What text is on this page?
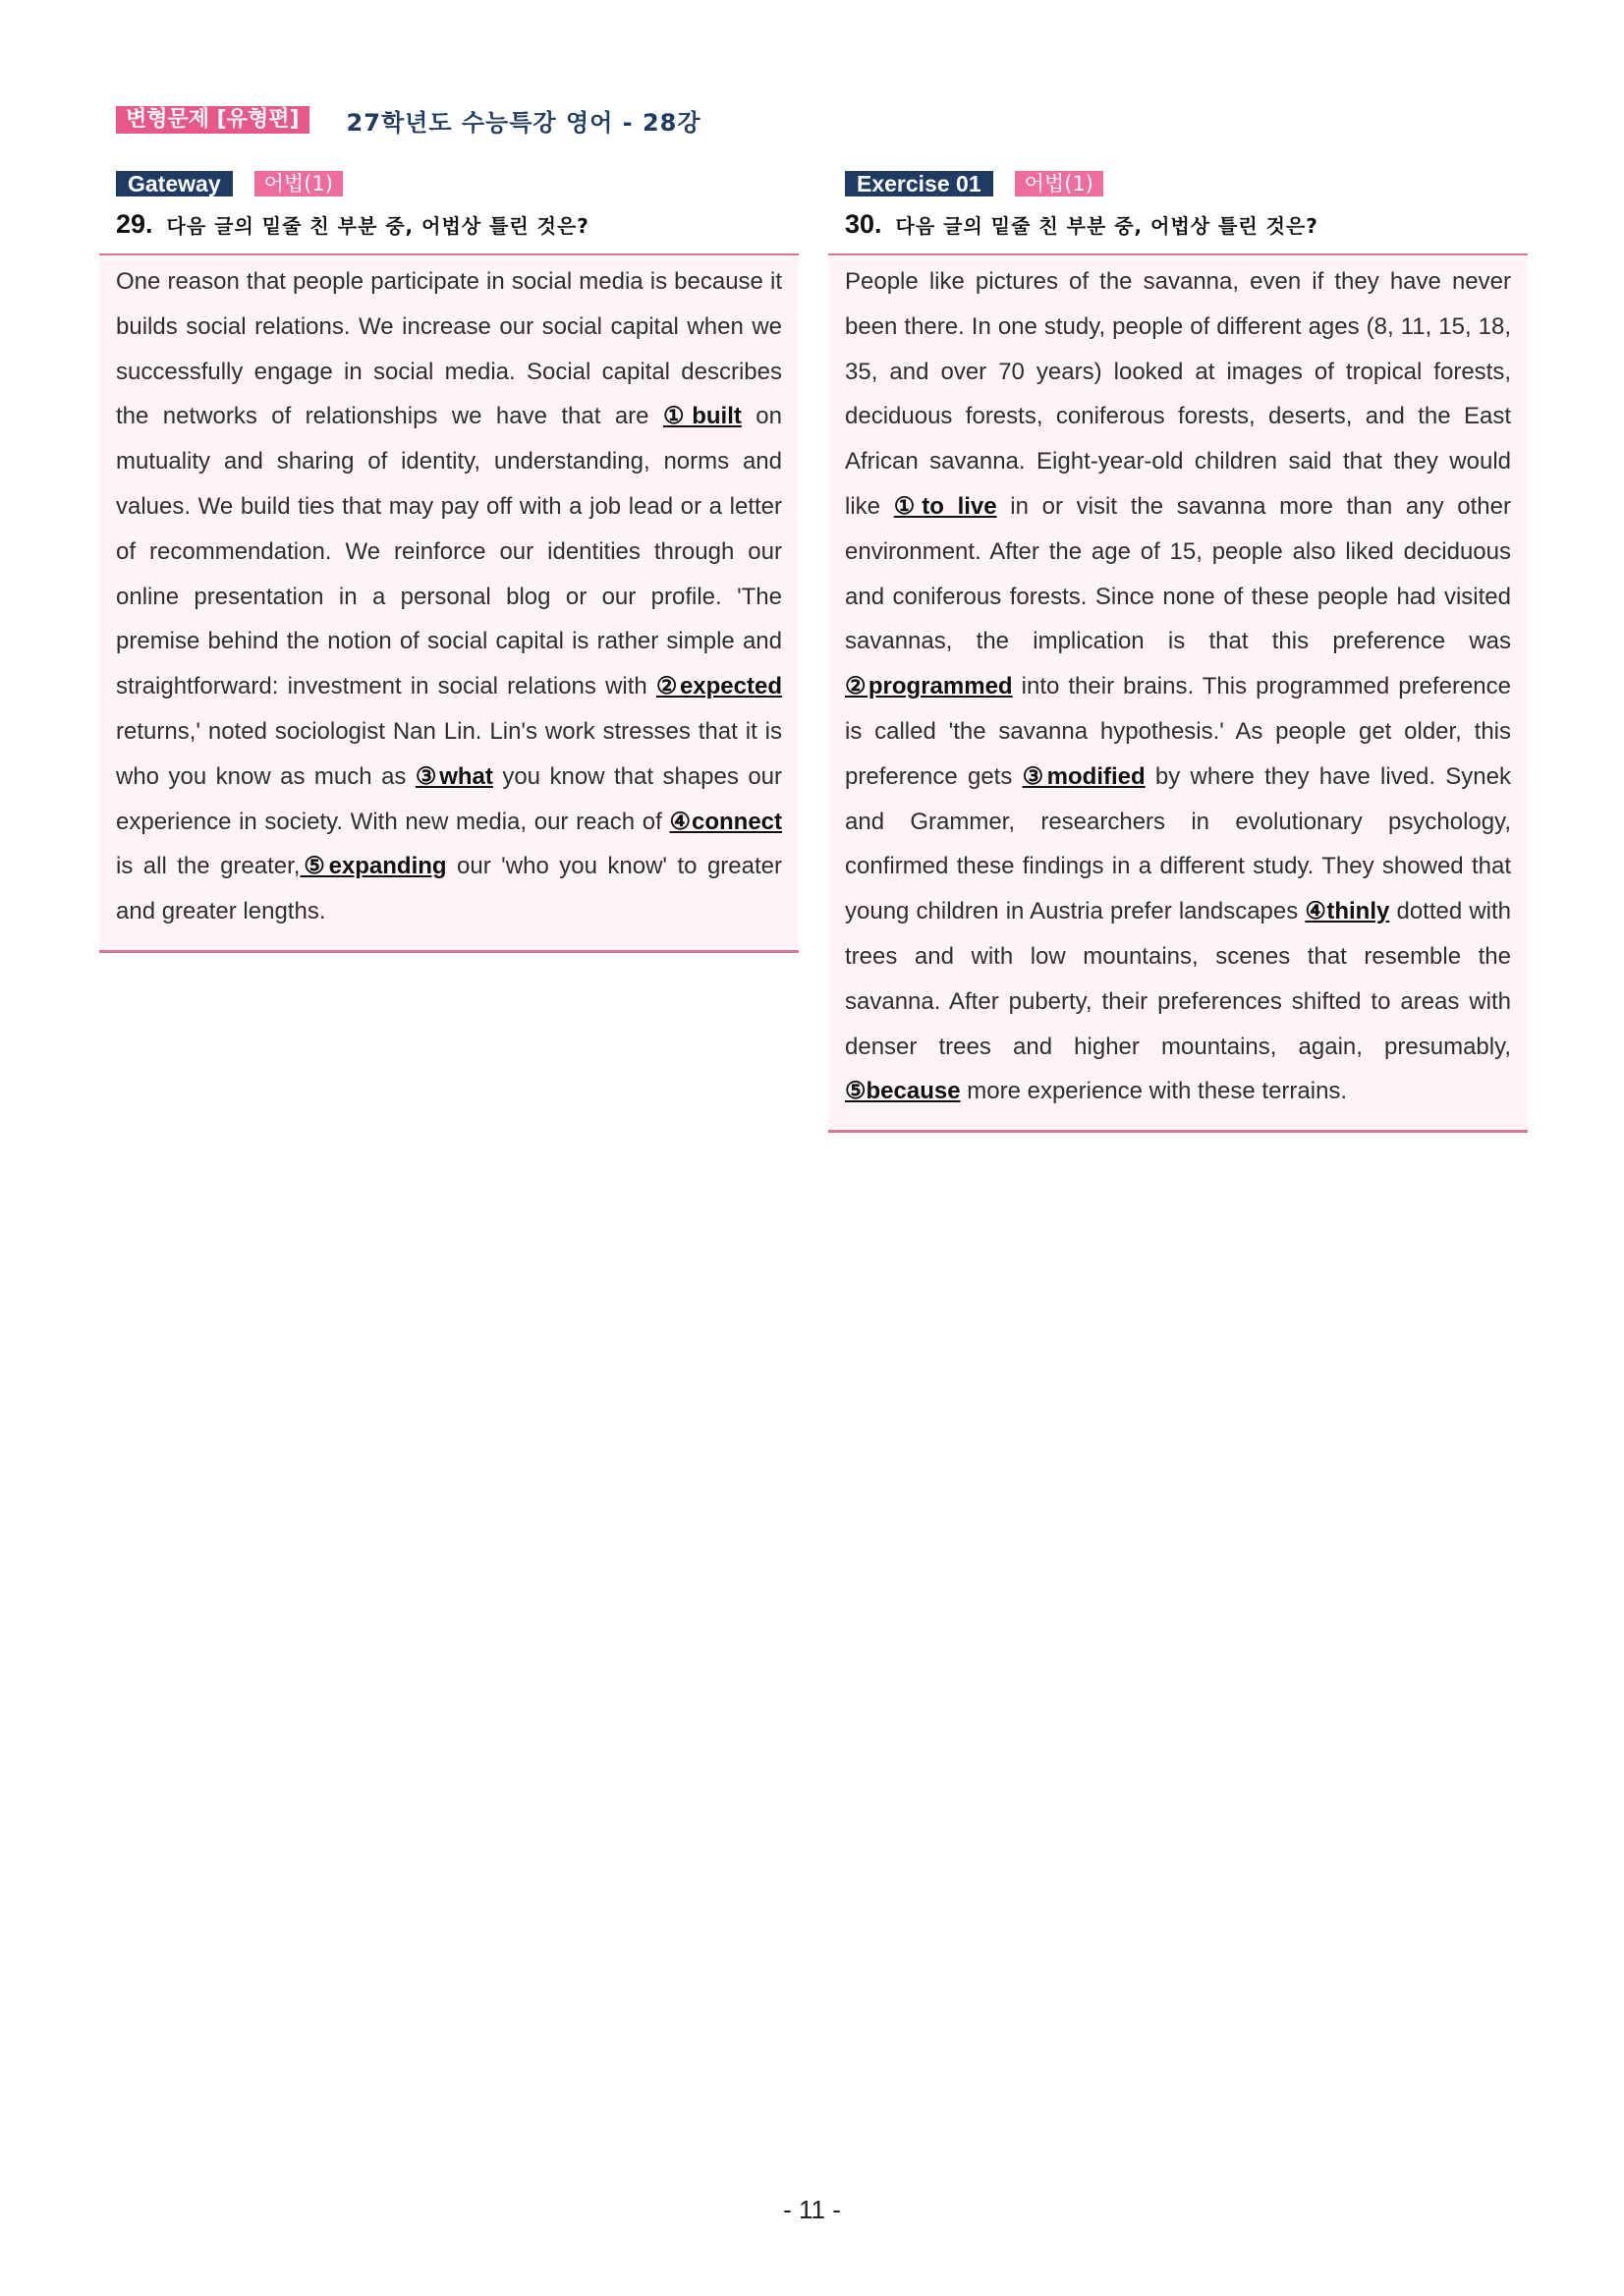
변형문제 [유형편]	27학년도 수능특강 영어 - 28강
Gateway	어법(1)
29. 다음 글의 밑줄 친 부분 중, 어법상 틀린 것은?

One reason that people participate in social media is because it builds social relations. We increase our social capital when we successfully engage in social media. Social capital describes the networks of relationships we have that are ①built on mutuality and sharing of identity, understanding, norms and values. We build ties that may pay off with a job lead or a letter of recommendation. We reinforce our identities through our online presentation in a personal blog or our profile. 'The premise behind the notion of social capital is rather simple and straightforward: investment in social relations with ②expected returns,' noted sociologist Nan Lin. Lin's work stresses that it is who you know as much as ③what you know that shapes our experience in society. With new media, our reach of ④connect is all the greater,⑤expanding our 'who you know' to greater and greater lengths.

Exercise 01	어법(1)
30. 다음 글의 밑줄 친 부분 중, 어법상 틀린 것은?

People like pictures of the savanna, even if they have never been there. In one study, people of different ages (8, 11, 15, 18, 35, and over 70 years) looked at images of tropical forests, deciduous forests, coniferous forests, deserts, and the East African savanna. Eight-year-old children said that they would like ①to live in or visit the savanna more than any other environment. After the age of 15, people also liked deciduous and coniferous forests. Since none of these people had visited savannas, the implication is that this preference was ②programmed into their brains. This programmed preference is called 'the savanna hypothesis.' As people get older, this preference gets ③modified by where they have lived. Synek and Grammer, researchers in evolutionary psychology, confirmed these findings in a different study. They showed that young children in Austria prefer landscapes ④thinly dotted with trees and with low mountains, scenes that resemble the savanna. After puberty, their preferences shifted to areas with denser trees and higher mountains, again, presumably, ⑤because more experience with these terrains.

- 11 -
